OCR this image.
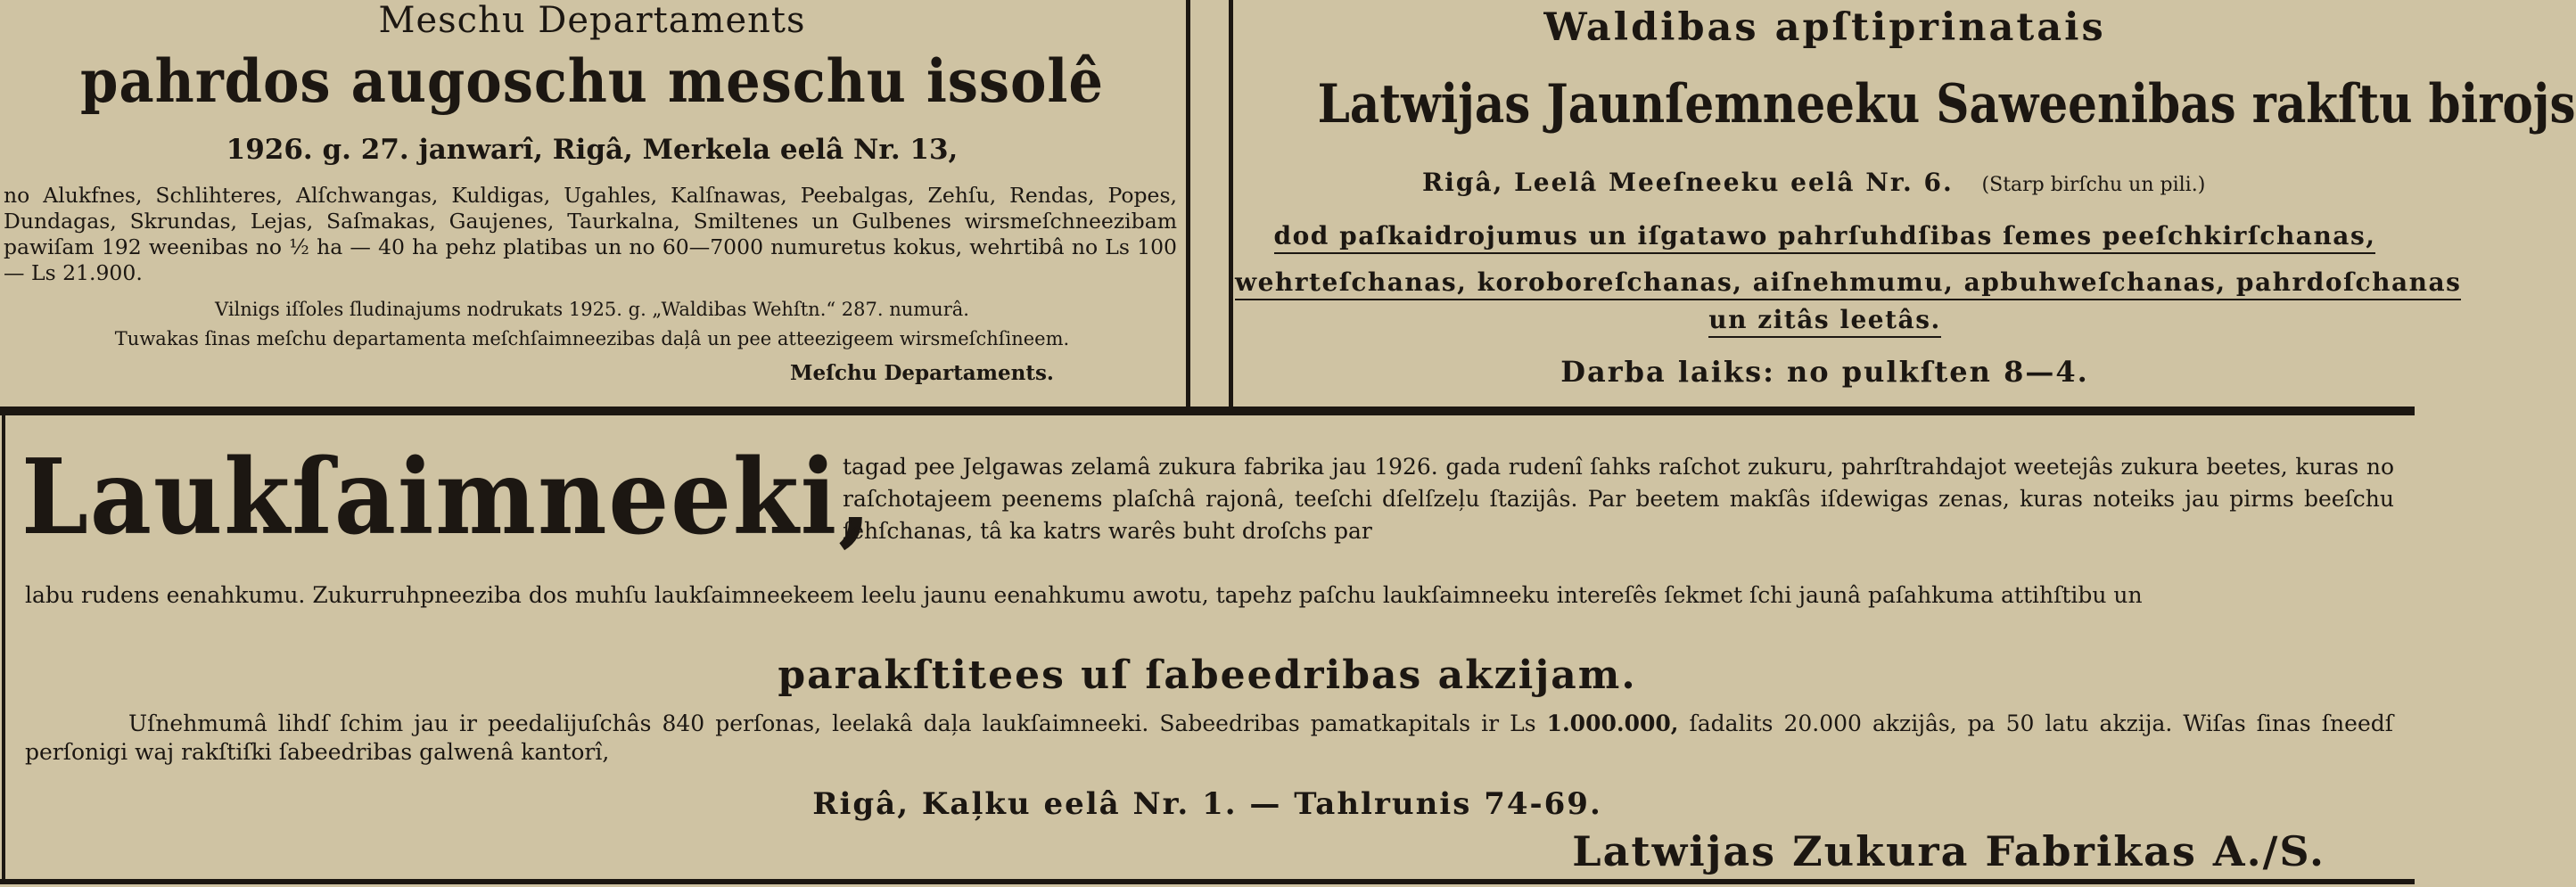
Meschu Departaments
pahrdos augoschu meschu issolê
1926. g. 27. janwarî, Rigâ, Merkela eelâ Nr. 13,
no Alukfnes, Schlihteres, Alſchwangas, Kuldigas, Ugahles, Kalſnawas, Peebalgas, Zehſu, Rendas, Popes, Dundagas, Skrundas, Lejas, Saſmakas, Gaujenes, Taurkalna, Smiltenes un Gulbenes wirsmeſchneezibam pawiſam 192 weenibas no ½ ha — 40 ha pehz platibas un no 60—7000 numuretus kokus, wehrtibâ no Ls 100 — Ls 21.900.
Vilnigs iſſoles ſludinajums nodrukats 1925. g. „Waldibas Wehſtn.“ 287. numurâ.
Tuwakas ſinas meſchu departamenta meſchſaimneezibas daļâ un pee atteezigeem wirsmeſchſineem.
Meſchu Departaments.
Waldibas apſtiprinatais
Latwijas Jaunſemneeku Saweenibas rakſtu birojs
Rigâ, Leelâ Meeſneeku eelâ Nr. 6. (Starp birſchu un pili.)
dod paſkaidrojumus un iſgatawo pahrſuhdſibas ſemes peeſchkirſchanas,
wehrteſchanas, koroboreſchanas, aiſnehmumu, apbuhweſchanas, pahrdoſchanas
un zitâs leetâs.
Darba laiks: no pulkſten 8—4.
Laukſaimneeki,
tagad pee Jelgawas zelamâ zukura fabrika jau 1926. gada rudenî ſahks raſchot zukuru, pahrſtrahdajot weetejâs zukura beetes, kuras no raſchotajeem peenems plaſchâ rajonâ, teeſchi dſelſzeļu ſtazijâs. Par beetem makſâs iſdewigas zenas, kuras noteiks jau pirms beeſchu ſehſchanas, tâ ka katrs warês buht droſchs par
labu rudens eenahkumu. Zukurruhpneeziba dos muhſu laukſaimneekeem leelu jaunu eenahkumu awotu, tapehz paſchu laukſaimneeku intereſês ſekmet ſchi jaunâ paſahkuma attihſtibu un
parakſtitees uſ ſabeedribas akzijam.
Uſnehmumâ lihdſ ſchim jau ir peedalijuſchâs 840 perſonas, leelakâ daļa laukſaimneeki. Sabeedribas pamatkapitals ir Ls 1.000.000, ſadalits 20.000 akzijâs, pa 50 latu akzija. Wiſas ſinas ſneedſ perſonigi waj rakſtiſki ſabeedribas galwenâ kantorî,
Rigâ, Kaļku eelâ Nr. 1. — Tahlrunis 74-69.
Latwijas Zukura Fabrikas A./S.
